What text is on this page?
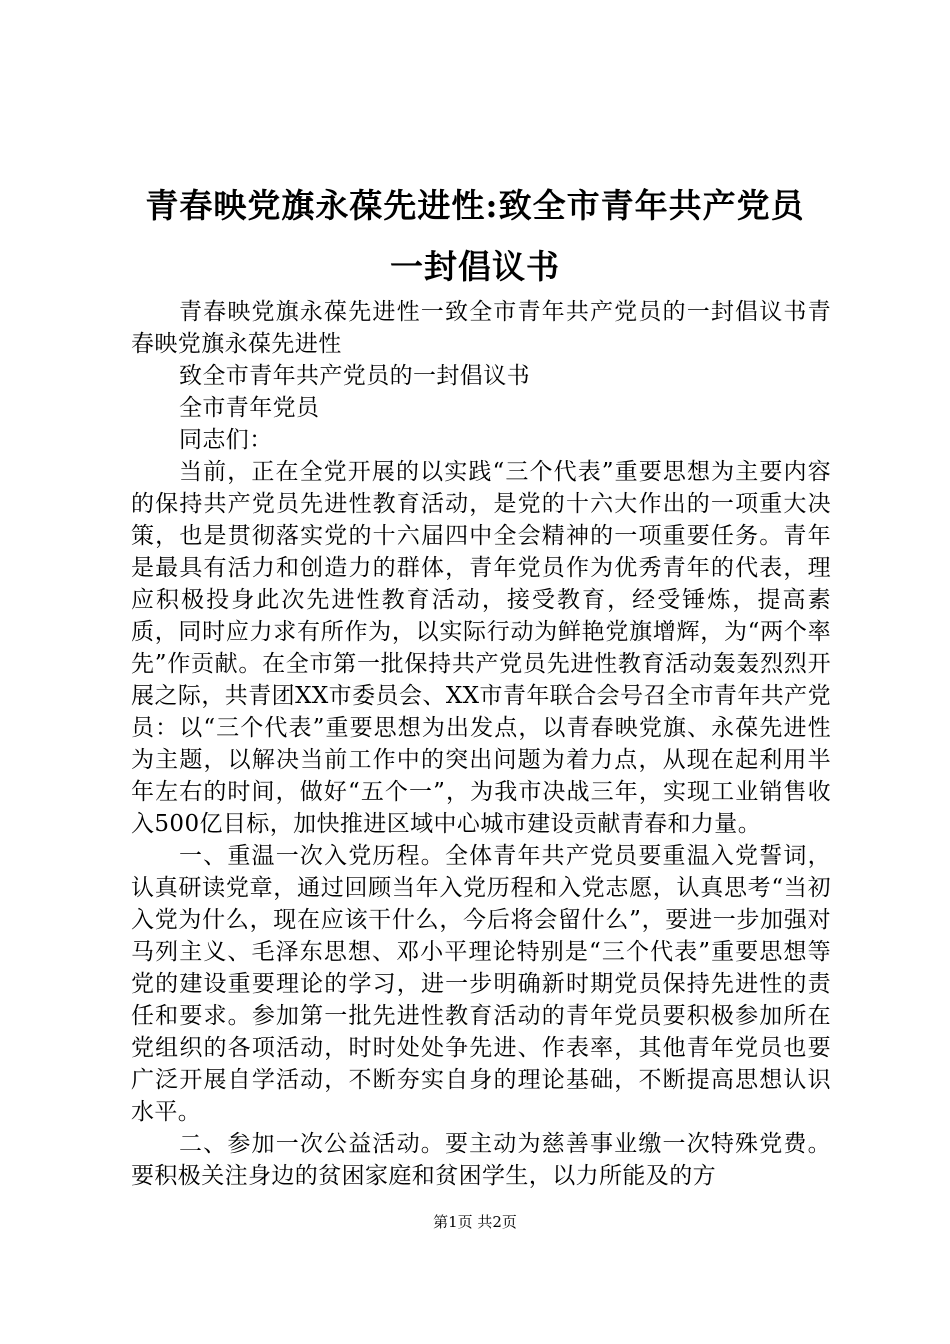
青春映党旗永葆先进性:致全市青年共产党员
一封倡议书

青春映党旗永葆先进性一致全市青年共产党员的一封倡议书青春映党旗永葆先进性

致全市青年共产党员的一封倡议书

全市青年党员

同志们：

当前，正在全党开展的以实践“三个代表”重要思想为主要内容的保持共产党员先进性教育活动，是党的十六大作出的一项重大决策，也是贯彻落实党的十六届四中全会精神的一项重要任务。青年是最具有活力和创造力的群体，青年党员作为优秀青年的代表，理应积极投身此次先进性教育活动，接受教育，经受锤炼，提高素质，同时应力求有所作为，以实际行动为鲜艳党旗增辉，为“两个率先”作贡献。在全市第一批保持共产党员先进性教育活动轰轰烈烈开展之际，共青团XX市委员会、XX市青年联合会号召全市青年共产党员：以“三个代表”重要思想为出发点，以青春映党旗、永葆先进性为主题，以解决当前工作中的突出问题为着力点，从现在起利用半年左右的时间，做好“五个一”，为我市决战三年，实现工业销售收入500亿目标，加快推进区域中心城市建设贡献青春和力量。

一、重温一次入党历程。全体青年共产党员要重温入党誓词，认真研读党章，通过回顾当年入党历程和入党志愿，认真思考“当初入党为什么，现在应该干什么，今后将会留什么”，要进一步加强对马列主义、毛泽东思想、邓小平理论特别是“三个代表”重要思想等党的建设重要理论的学习，进一步明确新时期党员保持先进性的责任和要求。参加第一批先进性教育活动的青年党员要积极参加所在党组织的各项活动，时时处处争先进、作表率，其他青年党员也要广泛开展自学活动，不断夯实自身的理论基础，不断提高思想认识水平。

二、参加一次公益活动。要主动为慈善事业缴一次特殊党费。要积极关注身边的贫困家庭和贫困学生，以力所能及的方

第1页 共2页
